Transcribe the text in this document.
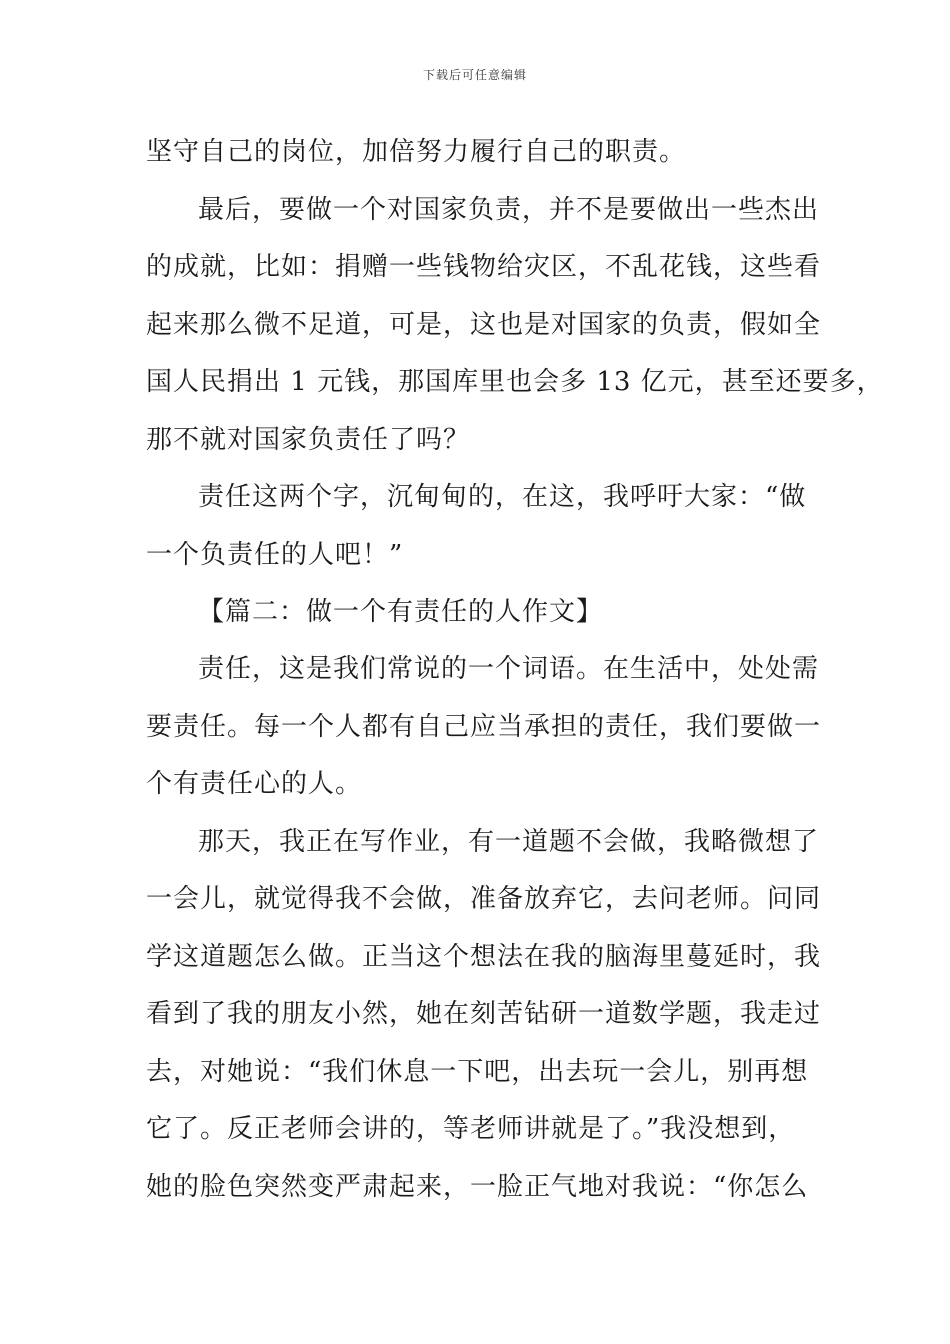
下载后可任意编辑
坚守自己的岗位，加倍努力履行自己的职责。
最后，要做一个对国家负责，并不是要做出一些杰出
的成就，比如：捐赠一些钱物给灾区，不乱花钱，这些看
起来那么微不足道，可是，这也是对国家的负责，假如全
国人民捐出 1 元钱，那国库里也会多 13 亿元，甚至还要多，
那不就对国家负责任了吗？
责任这两个字，沉甸甸的，在这，我呼吁大家：“做
一个负责任的人吧！”
【篇二：做一个有责任的人作文】
责任，这是我们常说的一个词语。在生活中，处处需
要责任。每一个人都有自己应当承担的责任，我们要做一
个有责任心的人。
那天，我正在写作业，有一道题不会做，我略微想了
一会儿，就觉得我不会做，准备放弃它，去问老师。问同
学这道题怎么做。正当这个想法在我的脑海里蔓延时，我
看到了我的朋友小然，她在刻苦钻研一道数学题，我走过
去，对她说：“我们休息一下吧，出去玩一会儿，别再想
它了。反正老师会讲的，等老师讲就是了。”我没想到，
她的脸色突然变严肃起来，一脸正气地对我说：“你怎么
